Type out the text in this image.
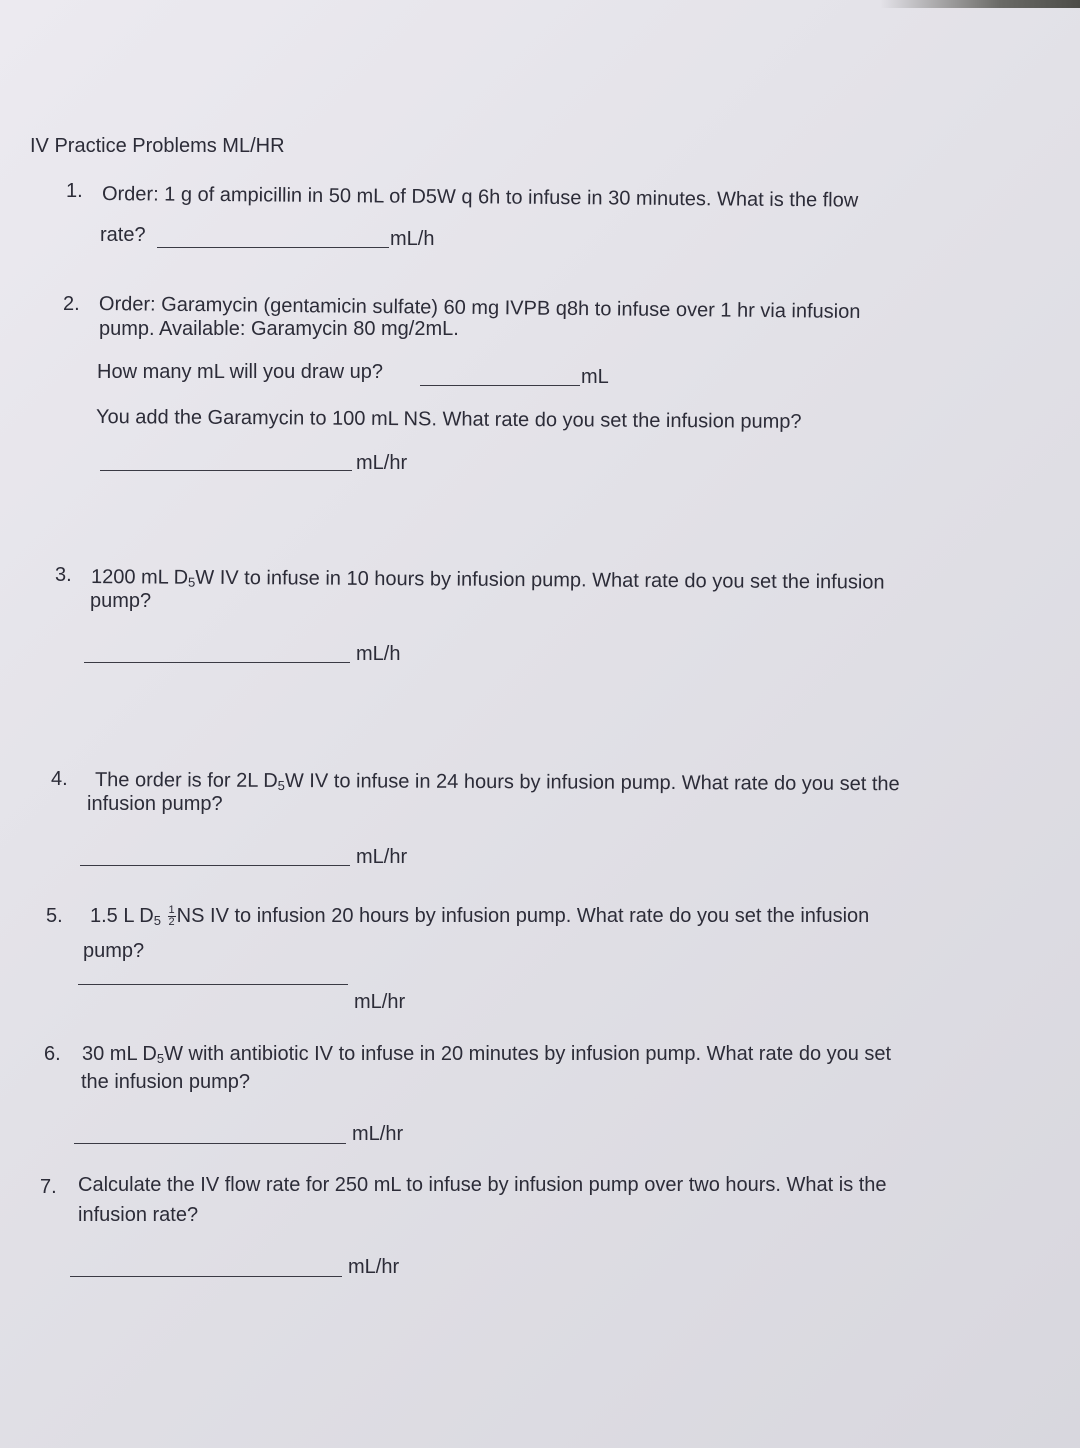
IV Practice Problems ML/HR
1. Order: 1 g of ampicillin in 50 mL of D5W q 6h to infuse in 30 minutes. What is the flow
rate?	mL/h
2. Order: Garamycin (gentamicin sulfate) 60 mg IVPB q8h to infuse over 1 hr via infusion
pump. Available: Garamycin 80 mg/2mL.
How many mL will you draw up?	mL
You add the Garamycin to 100 mL NS. What rate do you set the infusion pump?
mL/hr
3. 1200 mL $D_5W$ IV to infuse in 10 hours by infusion pump. What rate do you set the infusion
pump?
mL/h
4. The order is for 2L $D_5W$ IV to infuse in 24 hours by infusion pump. What rate do you set the
infusion pump?
mL/hr
5. 1.5 L $D_5 \frac{1}{2}$ NS IV to infusion 20 hours by infusion pump. What rate do you set the infusion
pump?
mL/hr
6. 30 mL $D_5W$ with antibiotic IV to infuse in 20 minutes by infusion pump. What rate do you set
the infusion pump?
mL/hr
7. Calculate the IV flow rate for 250 mL to infuse by infusion pump over two hours. What is the
infusion rate?
mL/hr
